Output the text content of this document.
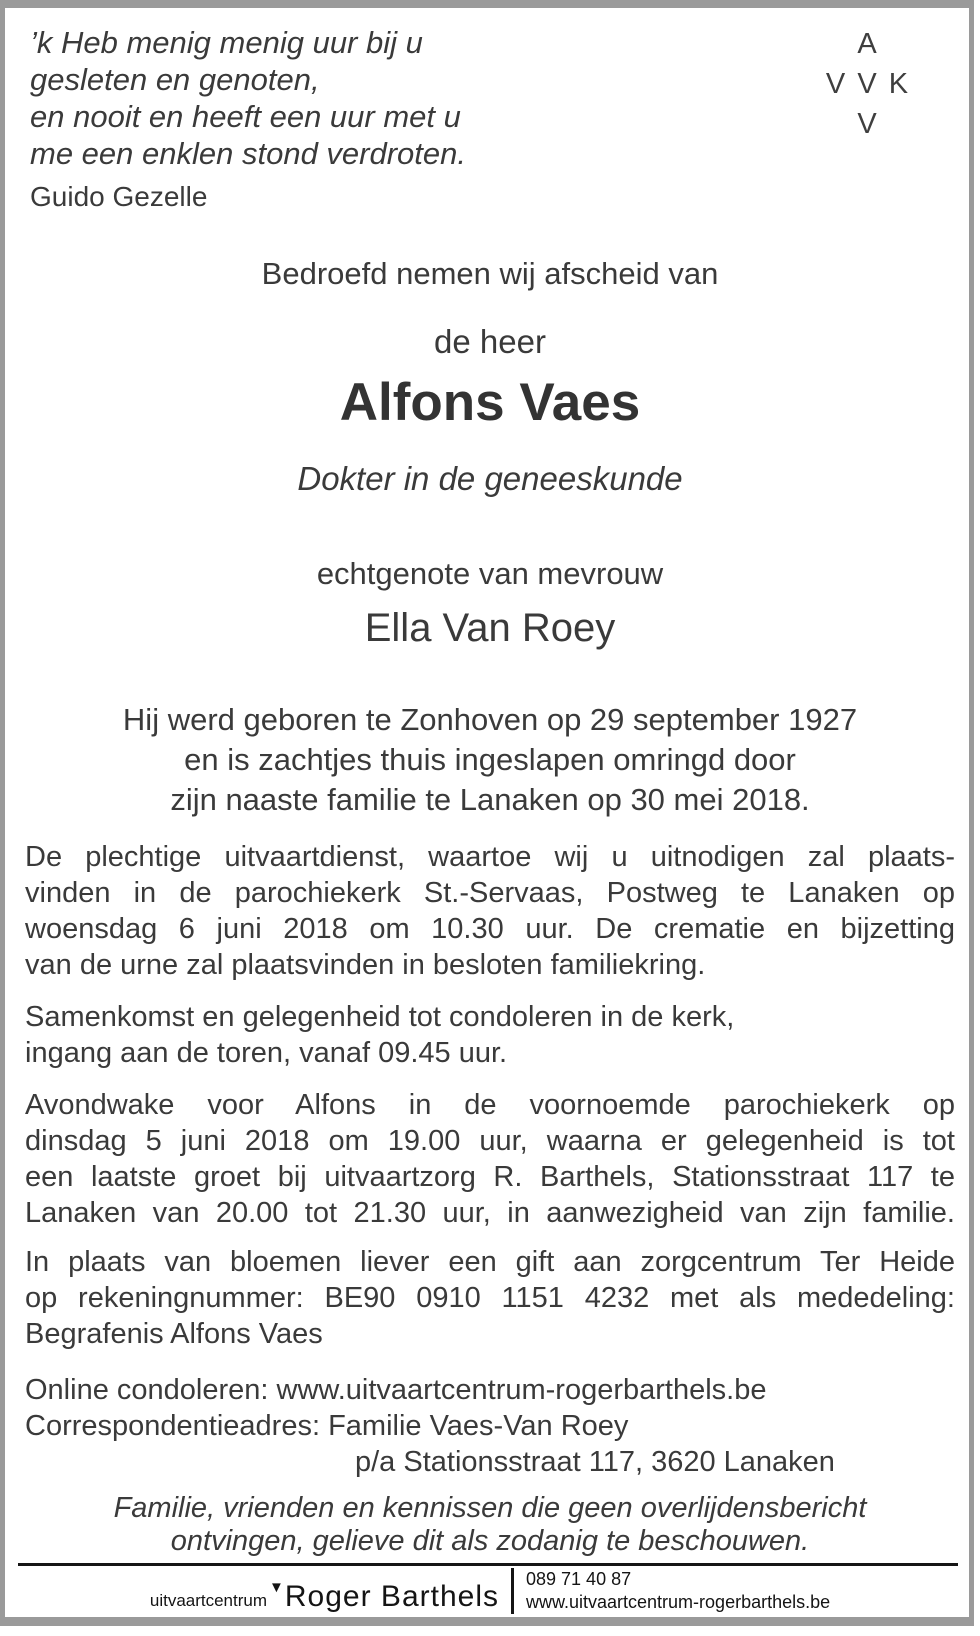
’k Heb menig menig uur bij u
gesleten en genoten,
en nooit en heeft een uur met u
me een enklen stond verdroten.
Guido Gezelle
A
V V K
V
Bedroefd nemen wij afscheid van
de heer
Alfons Vaes
Dokter in de geneeskunde
echtgenote van mevrouw
Ella Van Roey
Hij werd geboren te Zonhoven op 29 september 1927
en is zachtjes thuis ingeslapen omringd door
zijn naaste familie te Lanaken op 30 mei 2018.
De plechtige uitvaartdienst, waartoe wij u uitnodigen zal plaats-
vinden in de parochiekerk St.-Servaas, Postweg te Lanaken op
woensdag 6 juni 2018 om 10.30 uur. De crematie en bijzetting
van de urne zal plaatsvinden in besloten familiekring.
Samenkomst en gelegenheid tot condoleren in de kerk,
ingang aan de toren, vanaf 09.45 uur.
Avondwake voor Alfons in de voornoemde parochiekerk op
dinsdag 5 juni 2018 om 19.00 uur, waarna er gelegenheid is tot
een laatste groet bij uitvaartzorg R. Barthels, Stationsstraat 117 te
Lanaken van 20.00 tot 21.30 uur, in aanwezigheid van zijn familie.
In plaats van bloemen liever een gift aan zorgcentrum Ter Heide
op rekeningnummer: BE90 0910 1151 4232 met als mededeling:
Begrafenis Alfons Vaes
Online condoleren: www.uitvaartcentrum-rogerbarthels.be
Correspondentieadres: Familie Vaes-Van Roey
p/a Stationsstraat 117, 3620 Lanaken
Familie, vrienden en kennissen die geen overlijdensbericht
ontvingen, gelieve dit als zodanig te beschouwen.
uitvaartcentrum
▼ Roger Barthels
089 71 40 87
www.uitvaartcentrum-rogerbarthels.be
